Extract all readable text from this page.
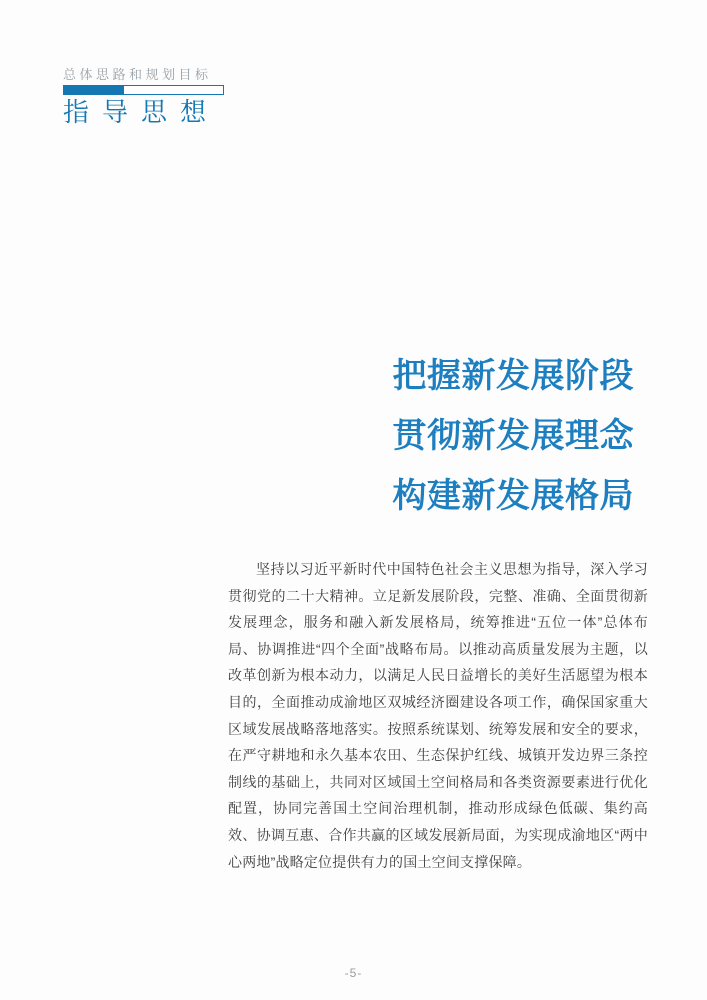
总体思路和规划目标
指导思想
把握新发展阶段
贯彻新发展理念
构建新发展格局
坚持以习近平新时代中国特色社会主义思想为指导，深入学习贯彻党的二十大精神。立足新发展阶段，完整、准确、全面贯彻新发展理念，服务和融入新发展格局，统筹推进“五位一体”总体布局、协调推进“四个全面”战略布局。以推动高质量发展为主题，以改革创新为根本动力，以满足人民日益增长的美好生活愿望为根本目的，全面推动成渝地区双城经济圈建设各项工作，确保国家重大区域发展战略落地落实。按照系统谋划、统筹发展和安全的要求，在严守耕地和永久基本农田、生态保护红线、城镇开发边界三条控制线的基础上，共同对区域国土空间格局和各类资源要素进行优化配置，协同完善国土空间治理机制，推动形成绿色低碳、集约高效、协调互惠、合作共赢的区域发展新局面，为实现成渝地区“两中心两地”战略定位提供有力的国土空间支撑保障。
-5-
